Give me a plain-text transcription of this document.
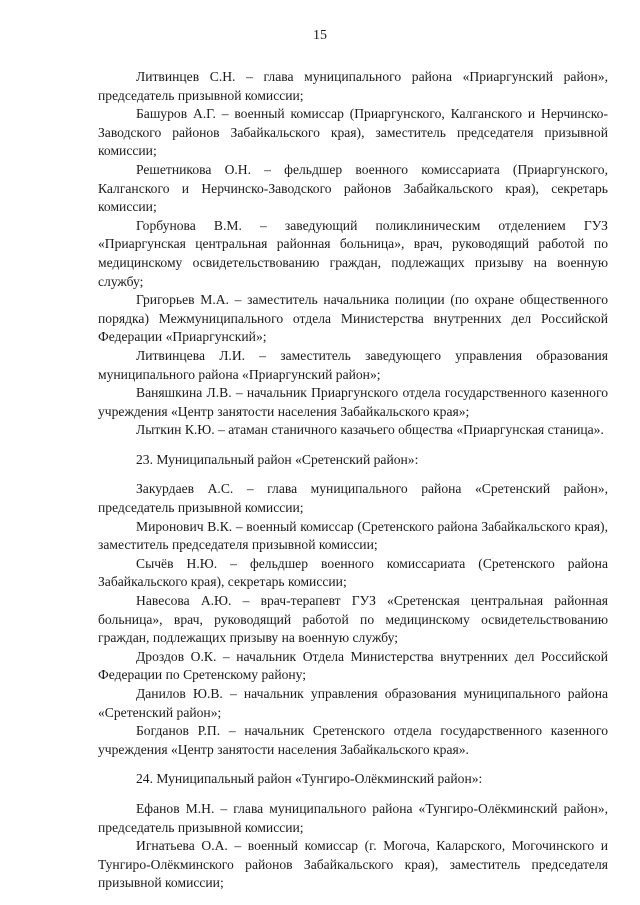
15

Литвинцев С.Н. – глава муниципального района «Приаргунский район», председатель призывной комиссии;

Башуров А.Г. – военный комиссар (Приаргунского, Калганского и Нерчинско-Заводского районов Забайкальского края), заместитель председателя призывной комиссии;

Решетникова О.Н. – фельдшер военного комиссариата (Приаргунского, Калганского и Нерчинско-Заводского районов Забайкальского края), секретарь комиссии;

Горбунова В.М. – заведующий поликлиническим отделением ГУЗ «Приаргунская центральная районная больница», врач, руководящий работой по медицинскому освидетельствованию граждан, подлежащих призыву на военную службу;

Григорьев М.А. – заместитель начальника полиции (по охране общественного порядка) Межмуниципального отдела Министерства внутренних дел Российской Федерации «Приаргунский»;

Литвинцева Л.И. – заместитель заведующего управления образования муниципального района «Приаргунский район»;

Ваняшкина Л.В. – начальник Приаргунского отдела государственного казенного учреждения «Центр занятости населения Забайкальского края»;

Лыткин К.Ю. – атаман станичного казачьего общества «Приаргунская станица».

23. Муниципальный район «Сретенский район»:

Закурдаев А.С. – глава муниципального района «Сретенский район», председатель призывной комиссии;

Миронович В.К. – военный комиссар (Сретенского района Забайкальского края), заместитель председателя призывной комиссии;

Сычёв Н.Ю. – фельдшер военного комиссариата (Сретенского района Забайкальского края), секретарь комиссии;

Навесова А.Ю. – врач-терапевт ГУЗ «Сретенская центральная районная больница», врач, руководящий работой по медицинскому освидетельствованию граждан, подлежащих призыву на военную службу;

Дроздов О.К. – начальник Отдела Министерства внутренних дел Российской Федерации по Сретенскому району;

Данилов Ю.В. – начальник управления образования муниципального района «Сретенский район»;

Богданов Р.П. – начальник Сретенского отдела государственного казенного учреждения «Центр занятости населения Забайкальского края».

24. Муниципальный район «Тунгиро-Олёкминский район»:

Ефанов М.Н. – глава муниципального района «Тунгиро-Олёкминский район», председатель призывной комиссии;

Игнатьева О.А. – военный комиссар (г. Могоча, Каларского, Могочинского и Тунгиро-Олёкминского районов Забайкальского края), заместитель председателя призывной комиссии;
